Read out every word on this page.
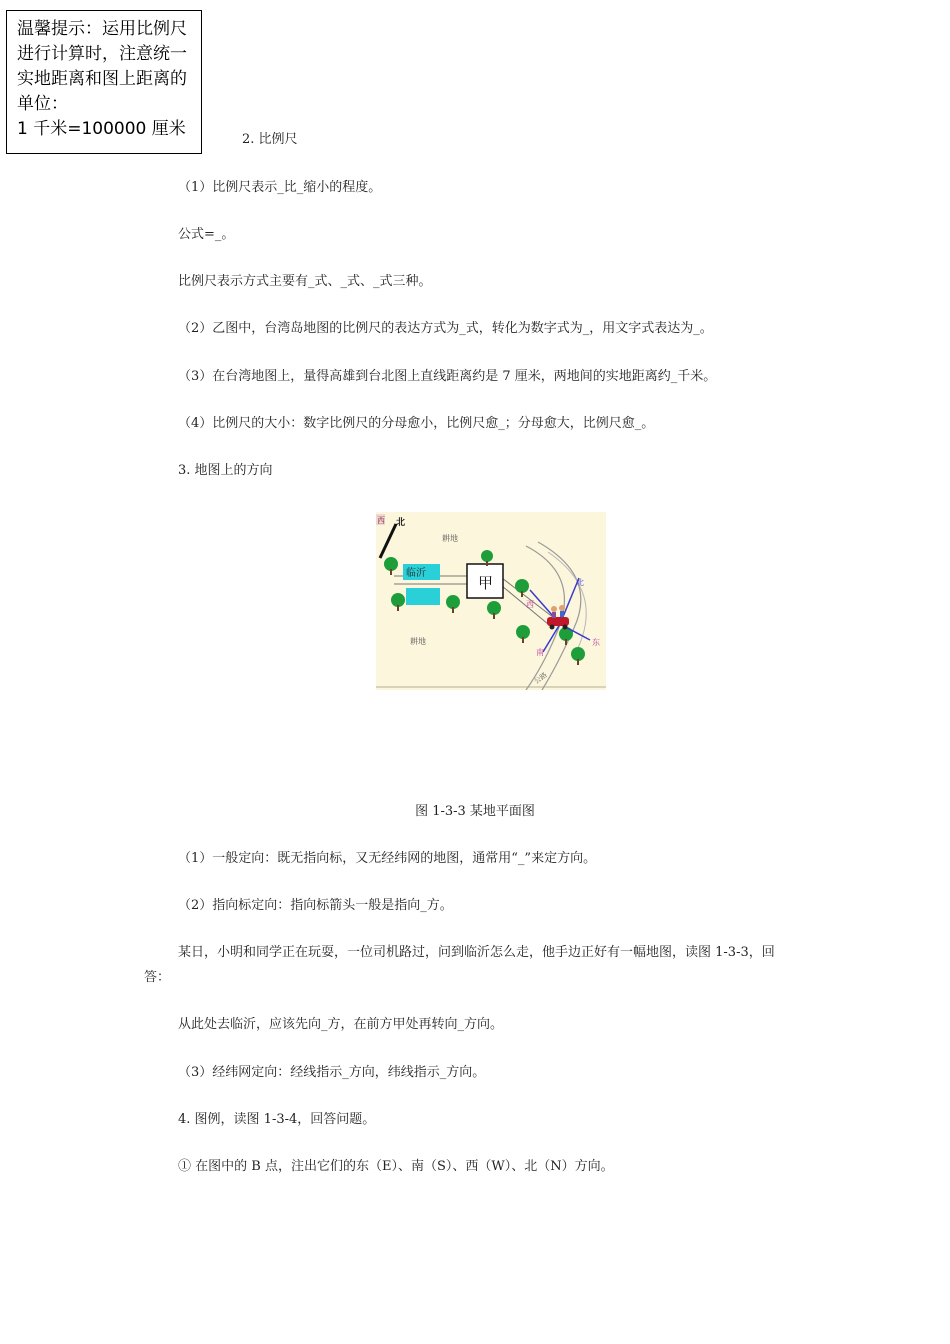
温馨提示：运用比例尺
进行计算时，注意统一
实地距离和图上距离的
单位：
1 千米=100000 厘米
2. 比例尺
（1）比例尺表示_比_缩小的程度。
公式=_。
比例尺表示方式主要有_式、_式、_式三种。
（2）乙图中，台湾岛地图的比例尺的表达方式为_式，转化为数字式为_，用文字式表达为_。
（3）在台湾地图上，量得高雄到台北图上直线距离约是 7 厘米，两地间的实地距离约_千米。
（4）比例尺的大小：数字比例尺的分母愈小，比例尺愈_；分母愈大，比例尺愈_。
3. 地图上的方向
西 北
耕地
耕地
公路
临沂
甲	北
东
南
西
图 1-3-3 某地平面图
（1）一般定向：既无指向标，又无经纬网的地图，通常用“_”来定方向。
（2）指向标定向：指向标箭头一般是指向_方。
某日，小明和同学正在玩耍，一位司机路过，问到临沂怎么走，他手边正好有一幅地图，读图 1-3-3，回
答：
从此处去临沂，应该先向_方，在前方甲处再转向_方向。
（3）经纬网定向：经线指示_方向，纬线指示_方向。
4. 图例，读图 1-3-4，回答问题。
① 在图中的 B 点，注出它们的东（E）、南（S）、西（W）、北（N）方向。
